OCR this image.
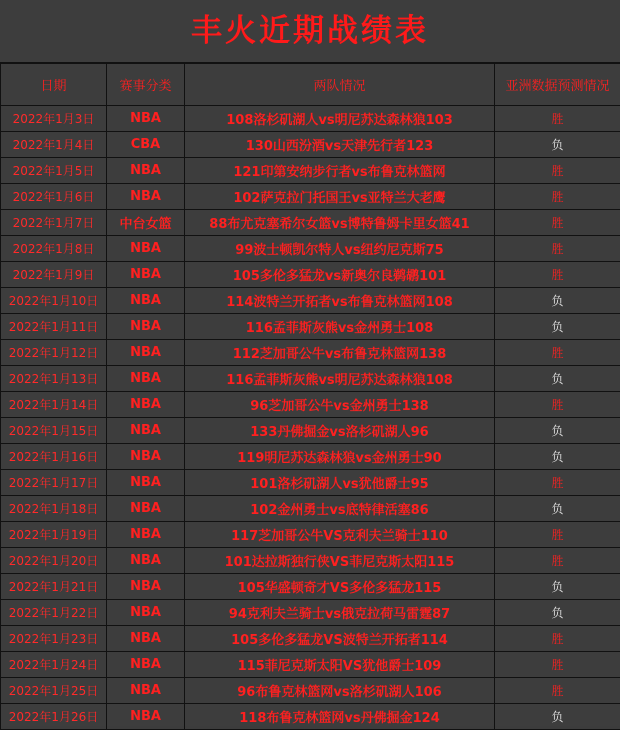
丰火近期战绩表
日期	赛事分类	两队情况	亚洲数据预测情况
2022年1月3日	NBA	108洛杉矶湖人vs明尼苏达森林狼103	胜
2022年1月4日	CBA	130山西汾酒vs天津先行者123	负
2022年1月5日	NBA	121印第安纳步行者vs布鲁克林篮网	胜
2022年1月6日	NBA	102萨克拉门托国王vs亚特兰大老鹰	胜
2022年1月7日	中台女篮	88布尤克塞希尔女篮vs博特鲁姆卡里女篮41	胜
2022年1月8日	NBA	99波士顿凯尔特人vs纽约尼克斯75	胜
2022年1月9日	NBA	105多伦多猛龙vs新奥尔良鹈鹕101	胜
2022年1月10日	NBA	114波特兰开拓者vs布鲁克林篮网108	负
2022年1月11日	NBA	116孟菲斯灰熊vs金州勇士108	负
2022年1月12日	NBA	112芝加哥公牛vs布鲁克林篮网138	胜
2022年1月13日	NBA	116孟菲斯灰熊vs明尼苏达森林狼108	负
2022年1月14日	NBA	96芝加哥公牛vs金州勇士138	胜
2022年1月15日	NBA	133丹佛掘金vs洛杉矶湖人96	负
2022年1月16日	NBA	119明尼苏达森林狼vs金州勇士90	负
2022年1月17日	NBA	101洛杉矶湖人vs犹他爵士95	胜
2022年1月18日	NBA	102金州勇士vs底特律活塞86	负
2022年1月19日	NBA	117芝加哥公牛VS克利夫兰骑士110	胜
2022年1月20日	NBA	101达拉斯独行侠VS菲尼克斯太阳115	胜
2022年1月21日	NBA	105华盛顿奇才VS多伦多猛龙115	负
2022年1月22日	NBA	94克利夫兰骑士vs俄克拉荷马雷霆87	负
2022年1月23日	NBA	105多伦多猛龙VS波特兰开拓者114	胜
2022年1月24日	NBA	115菲尼克斯太阳VS犹他爵士109	胜
2022年1月25日	NBA	96布鲁克林篮网vs洛杉矶湖人106	胜
2022年1月26日	NBA	118布鲁克林篮网vs丹佛掘金124	负
